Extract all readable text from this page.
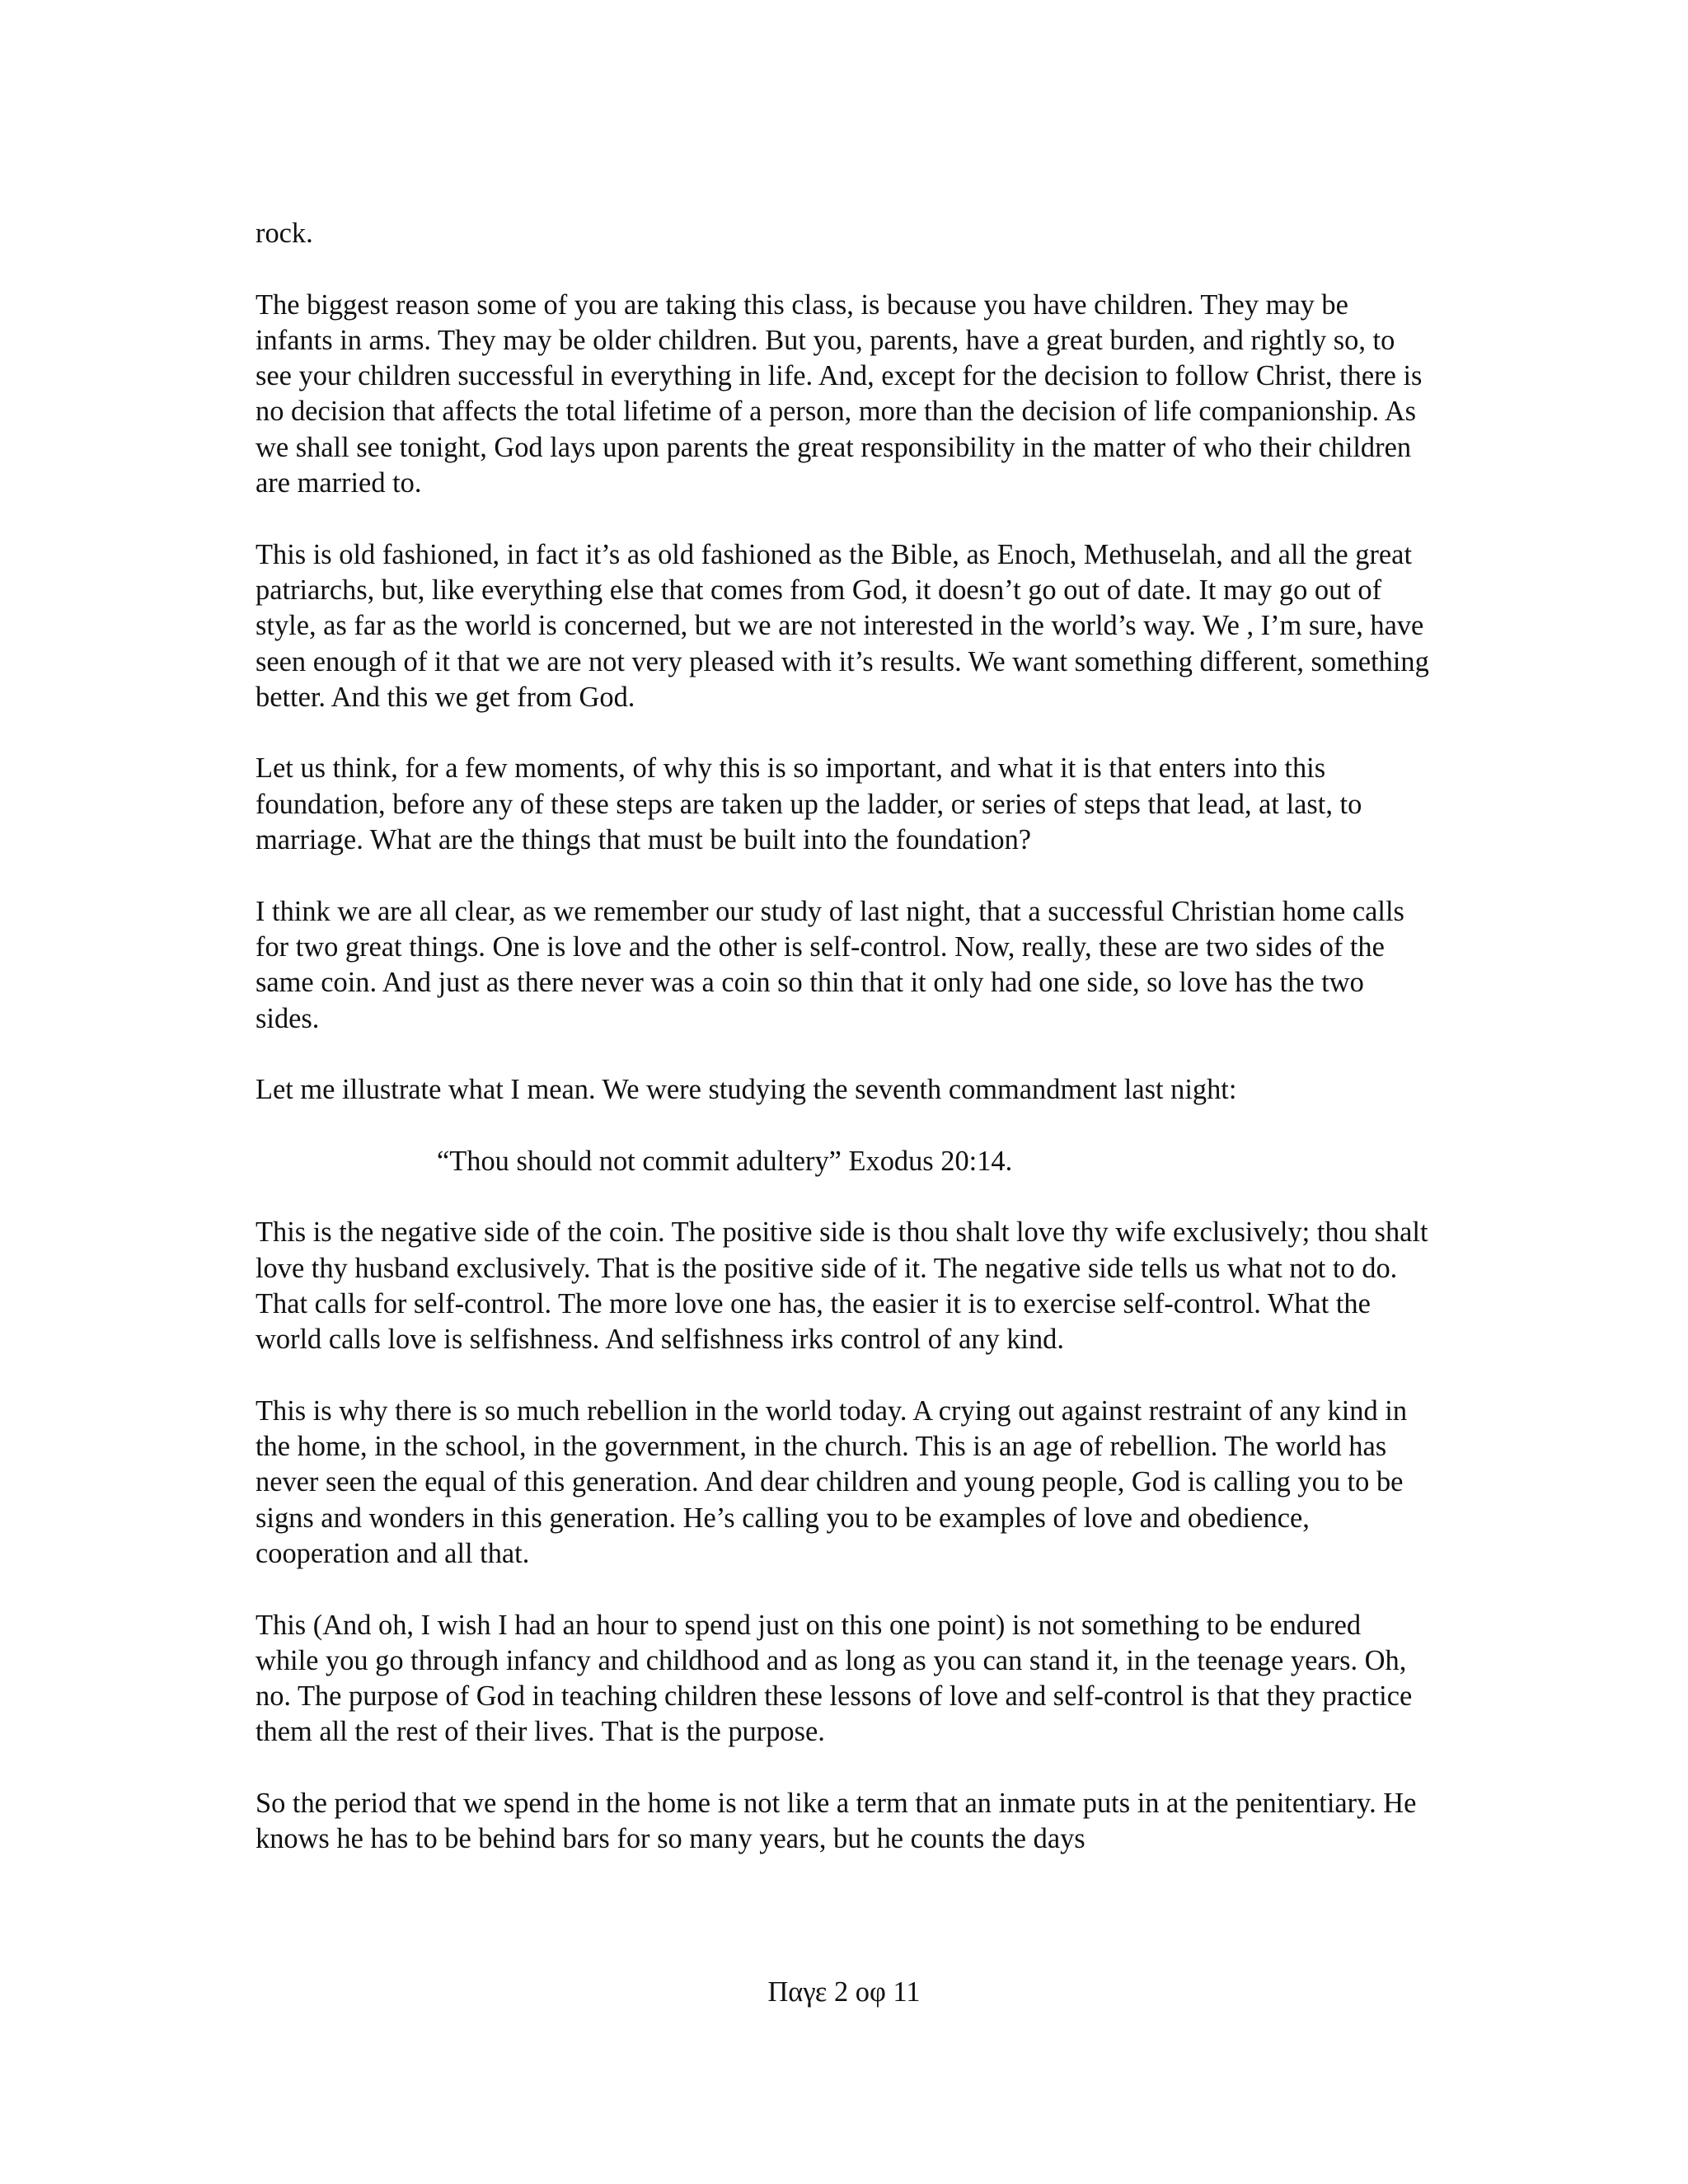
rock.

The biggest reason some of you are taking this class, is because you have children. They may be infants in arms. They may be older children. But you, parents, have a great burden, and rightly so, to see your children successful in everything in life. And, except for the decision to follow Christ, there is no decision that affects the total lifetime of a person, more than the decision of life companionship. As we shall see tonight, God lays upon parents the great responsibility in the matter of who their children are married to.

This is old fashioned, in fact it’s as old fashioned as the Bible, as Enoch, Methuselah, and all the great patriarchs, but, like everything else that comes from God, it doesn’t go out of date. It may go out of style, as far as the world is concerned, but we are not interested in the world’s way. We , I’m sure, have seen enough of it that we are not very pleased with it’s results. We want something different, something better. And this we get from God.

Let us think, for a few moments, of why this is so important, and what it is that enters into this foundation, before any of these steps are taken up the ladder, or series of steps that lead, at last, to marriage. What are the things that must be built into the foundation?

I think we are all clear, as we remember our study of last night, that a successful Christian home calls for two great things. One is love and the other is self-control. Now, really, these are two sides of the same coin. And just as there never was a coin so thin that it only had one side, so love has the two sides.

Let me illustrate what I mean. We were studying the seventh commandment last night:

“Thou should not commit adultery” Exodus 20:14.

This is the negative side of the coin. The positive side is thou shalt love thy wife exclusively; thou shalt love thy husband exclusively. That is the positive side of it. The negative side tells us what not to do. That calls for self-control. The more love one has, the easier it is to exercise self-control. What the world calls love is selfishness. And selfishness irks control of any kind.

This is why there is so much rebellion in the world today. A crying out against restraint of any kind in the home, in the school, in the government, in the church. This is an age of rebellion. The world has never seen the equal of this generation. And dear children and young people, God is calling you to be signs and wonders in this generation. He’s calling you to be examples of love and obedience, cooperation and all that.

This (And oh, I wish I had an hour to spend just on this one point) is not something to be endured while you go through infancy and childhood and as long as you can stand it, in the teenage years. Oh, no. The purpose of God in teaching children these lessons of love and self-control is that they practice them all the rest of their lives. That is the purpose.

So the period that we spend in the home is not like a term that an inmate puts in at the penitentiary. He knows he has to be behind bars for so many years, but he counts the days

Παγε 2 οφ 11
